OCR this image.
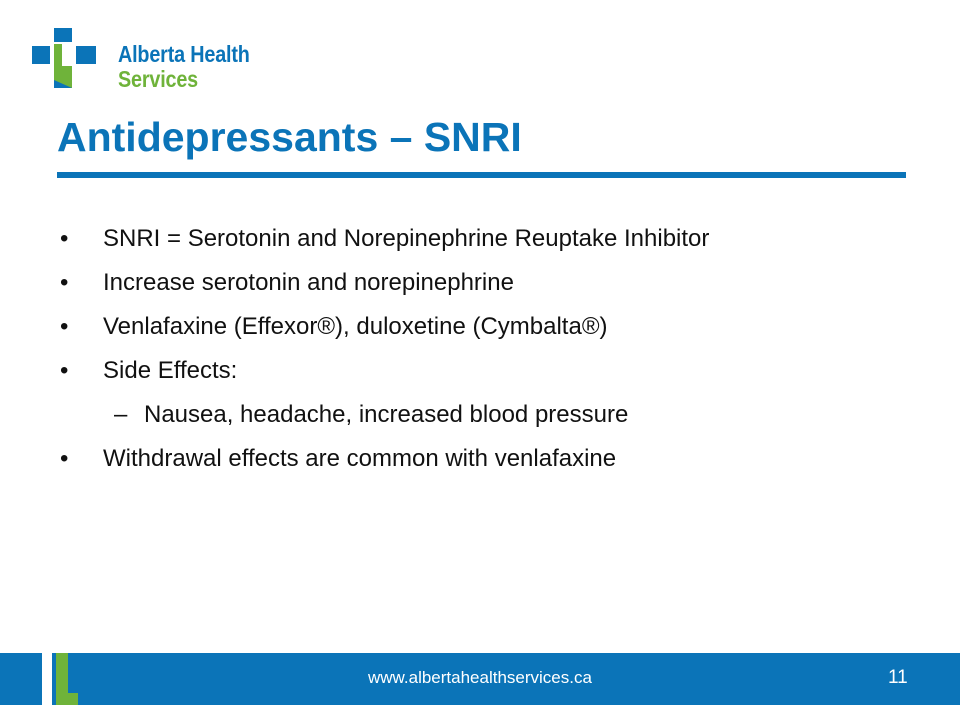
Alberta Health
Services
Antidepressants – SNRI
• SNRI = Serotonin and Norepinephrine Reuptake Inhibitor
• Increase serotonin and norepinephrine
• Venlafaxine (Effexor®), duloxetine (Cymbalta®)
• Side Effects:
– Nausea, headache, increased blood pressure
• Withdrawal effects are common with venlafaxine
www.albertahealthservices.ca	11
